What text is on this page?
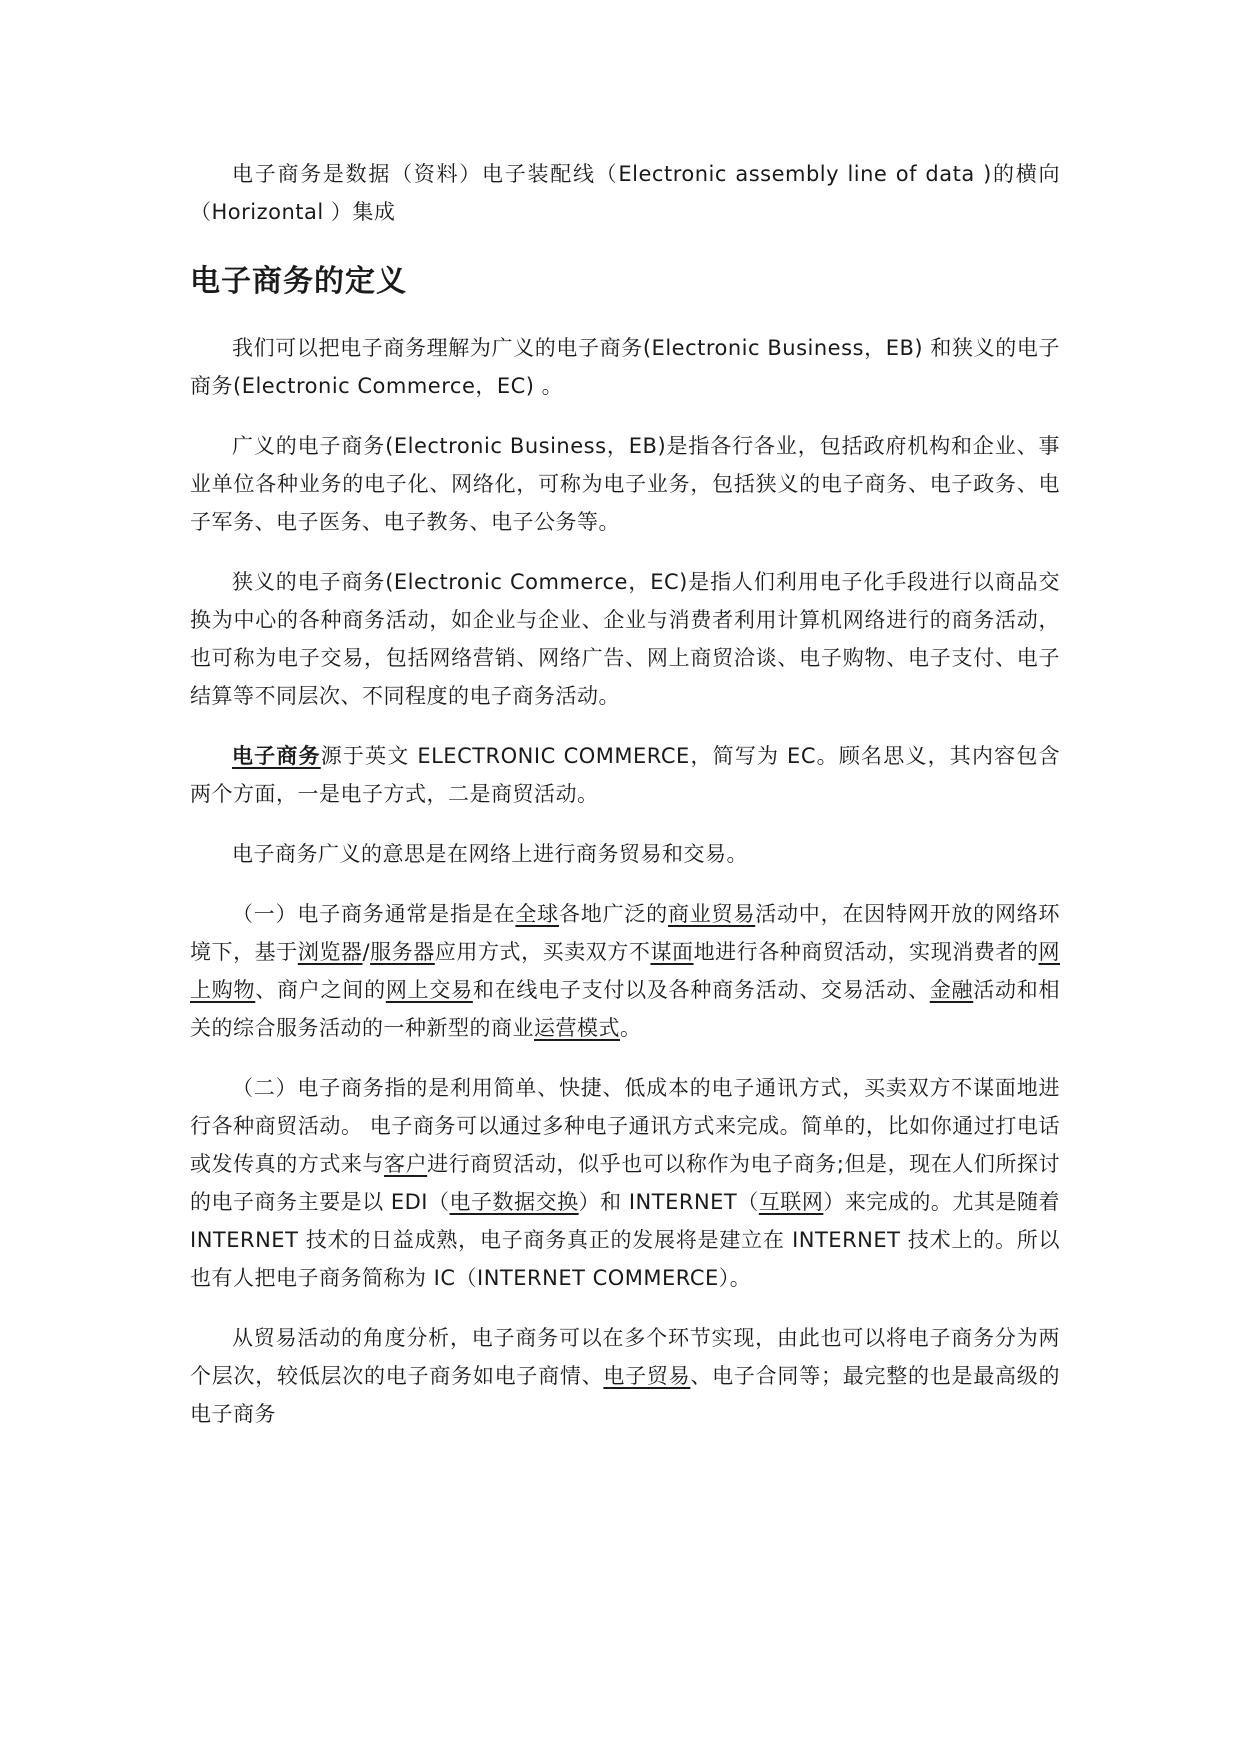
电子商务是数据（资料）电子装配线（Electronic assembly line of data )的横向（Horizontal ）集成

电子商务的定义

我们可以把电子商务理解为广义的电子商务(Electronic Business，EB) 和狭义的电子商务(Electronic Commerce，EC) 。

广义的电子商务(Electronic Business，EB)是指各行各业，包括政府机构和企业、事业单位各种业务的电子化、网络化，可称为电子业务，包括狭义的电子商务、电子政务、电子军务、电子医务、电子教务、电子公务等。

狭义的电子商务(Electronic Commerce，EC)是指人们利用电子化手段进行以商品交换为中心的各种商务活动，如企业与企业、企业与消费者利用计算机网络进行的商务活动，也可称为电子交易，包括网络营销、网络广告、网上商贸洽谈、电子购物、电子支付、电子结算等不同层次、不同程度的电子商务活动。

电子商务源于英文 ELECTRONIC COMMERCE，简写为 EC。顾名思义，其内容包含两个方面，一是电子方式，二是商贸活动。

电子商务广义的意思是在网络上进行商务贸易和交易。

（一）电子商务通常是指是在全球各地广泛的商业贸易活动中，在因特网开放的网络环境下，基于浏览器/服务器应用方式，买卖双方不谋面地进行各种商贸活动，实现消费者的网上购物、商户之间的网上交易和在线电子支付以及各种商务活动、交易活动、金融活动和相关的综合服务活动的一种新型的商业运营模式。

（二）电子商务指的是利用简单、快捷、低成本的电子通讯方式，买卖双方不谋面地进行各种商贸活动。 电子商务可以通过多种电子通讯方式来完成。简单的，比如你通过打电话或发传真的方式来与客户进行商贸活动，似乎也可以称作为电子商务;但是，现在人们所探讨的电子商务主要是以 EDI（电子数据交换）和 INTERNET（互联网）来完成的。尤其是随着 INTERNET 技术的日益成熟，电子商务真正的发展将是建立在 INTERNET 技术上的。所以也有人把电子商务简称为 IC（INTERNET COMMERCE）。

从贸易活动的角度分析，电子商务可以在多个环节实现，由此也可以将电子商务分为两个层次，较低层次的电子商务如电子商情、电子贸易、电子合同等；最完整的也是最高级的电子商务
